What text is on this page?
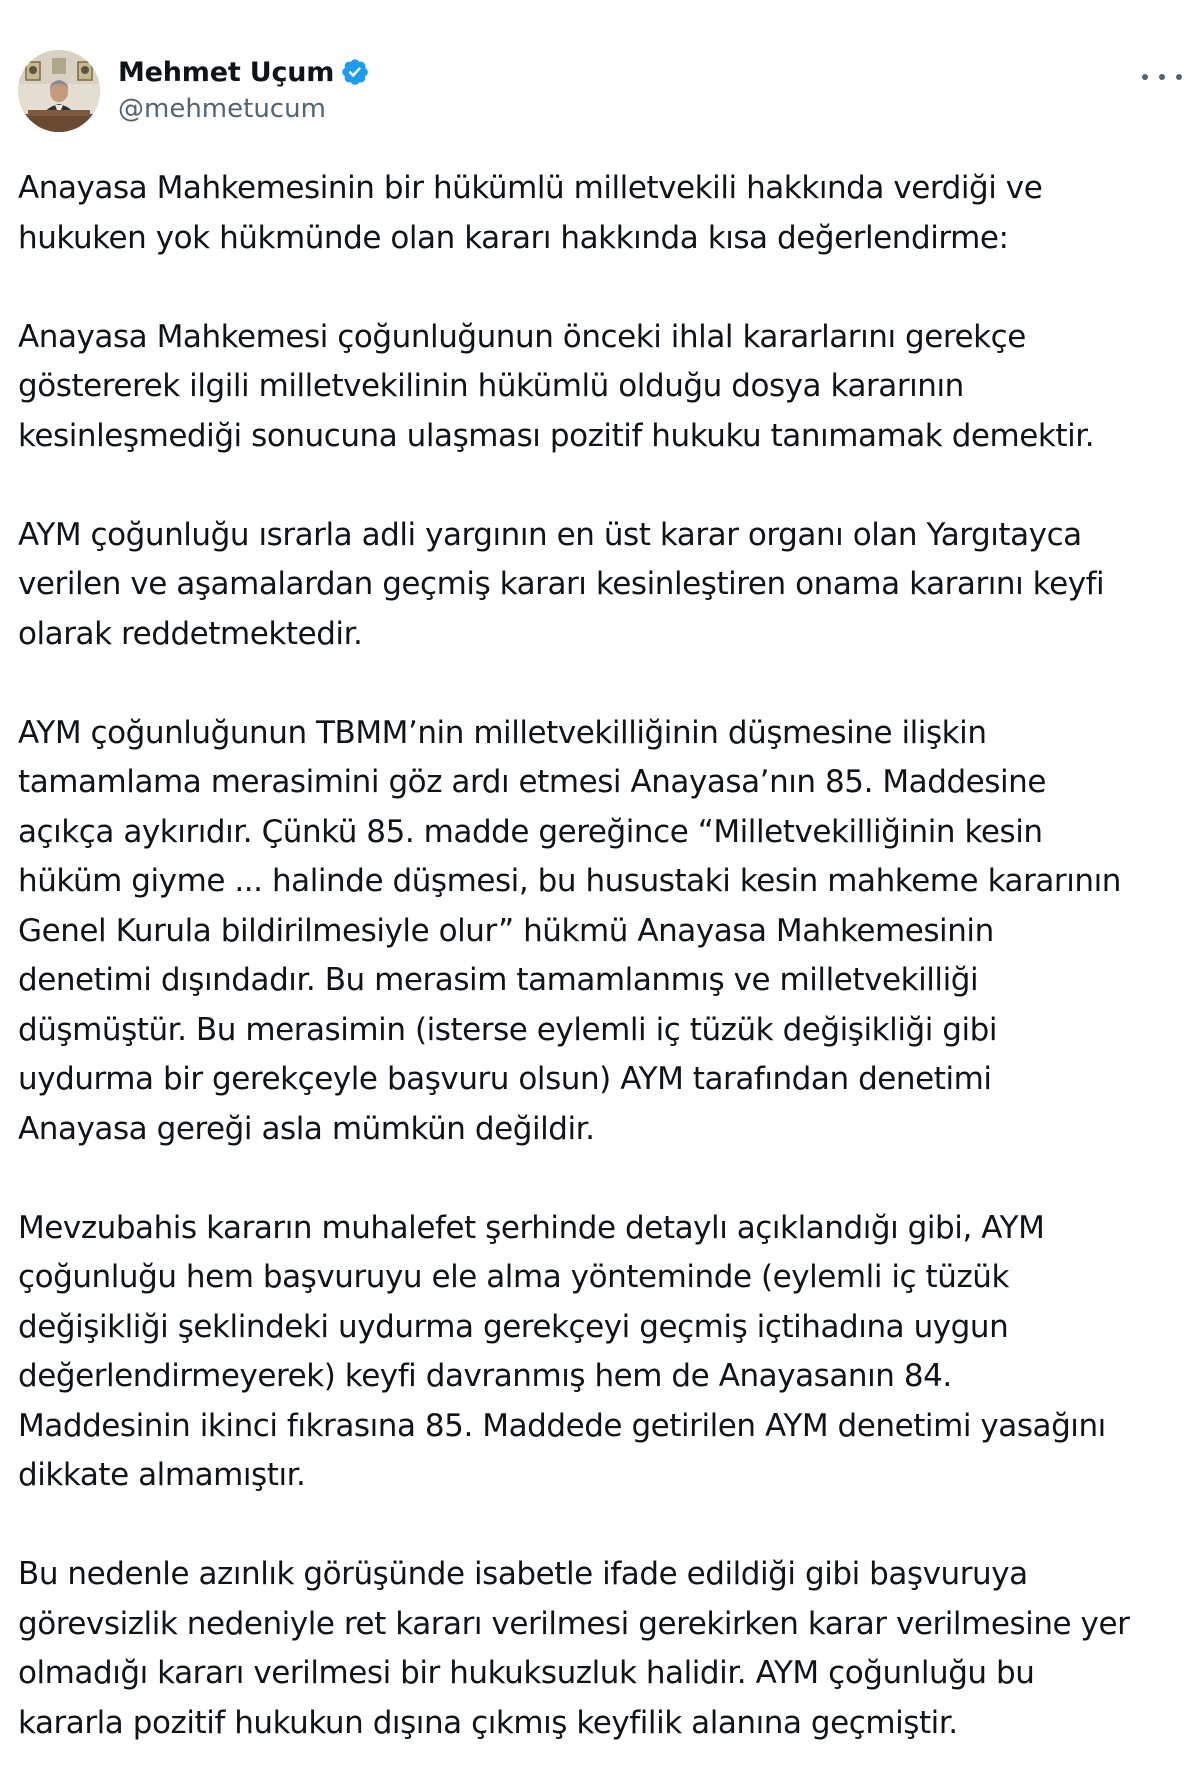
Mehmet Uçum
@mehmetucum

Anayasa Mahkemesinin bir hükümlü milletvekili hakkında verdiği ve
hukuken yok hükmünde olan kararı hakkında kısa değerlendirme:

Anayasa Mahkemesi çoğunluğunun önceki ihlal kararlarını gerekçe
göstererek ilgili milletvekilinin hükümlü olduğu dosya kararının
kesinleşmediği sonucuna ulaşması pozitif hukuku tanımamak demektir.

AYM çoğunluğu ısrarla adli yargının en üst karar organı olan Yargıtayca
verilen ve aşamalardan geçmiş kararı kesinleştiren onama kararını keyfi
olarak reddetmektedir.

AYM çoğunluğunun TBMM’nin milletvekilliğinin düşmesine ilişkin
tamamlama merasimini göz ardı etmesi Anayasa’nın 85. Maddesine
açıkça aykırıdır. Çünkü 85. madde gereğince “Milletvekilliğinin kesin
hüküm giyme ... halinde düşmesi, bu husustaki kesin mahkeme kararının
Genel Kurula bildirilmesiyle olur” hükmü Anayasa Mahkemesinin
denetimi dışındadır. Bu merasim tamamlanmış ve milletvekilliği
düşmüştür. Bu merasimin (isterse eylemli iç tüzük değişikliği gibi
uydurma bir gerekçeyle başvuru olsun) AYM tarafından denetimi
Anayasa gereği asla mümkün değildir.

Mevzubahis kararın muhalefet şerhinde detaylı açıklandığı gibi, AYM
çoğunluğu hem başvuruyu ele alma yönteminde (eylemli iç tüzük
değişikliği şeklindeki uydurma gerekçeyi geçmiş içtihadına uygun
değerlendirmeyerek) keyfi davranmış hem de Anayasanın 84.
Maddesinin ikinci fıkrasına 85. Maddede getirilen AYM denetimi yasağını
dikkate almamıştır.

Bu nedenle azınlık görüşünde isabetle ifade edildiği gibi başvuruya
görevsizlik nedeniyle ret kararı verilmesi gerekirken karar verilmesine yer
olmadığı kararı verilmesi bir hukuksuzluk halidir. AYM çoğunluğu bu
kararla pozitif hukukun dışına çıkmış keyfilik alanına geçmiştir.
